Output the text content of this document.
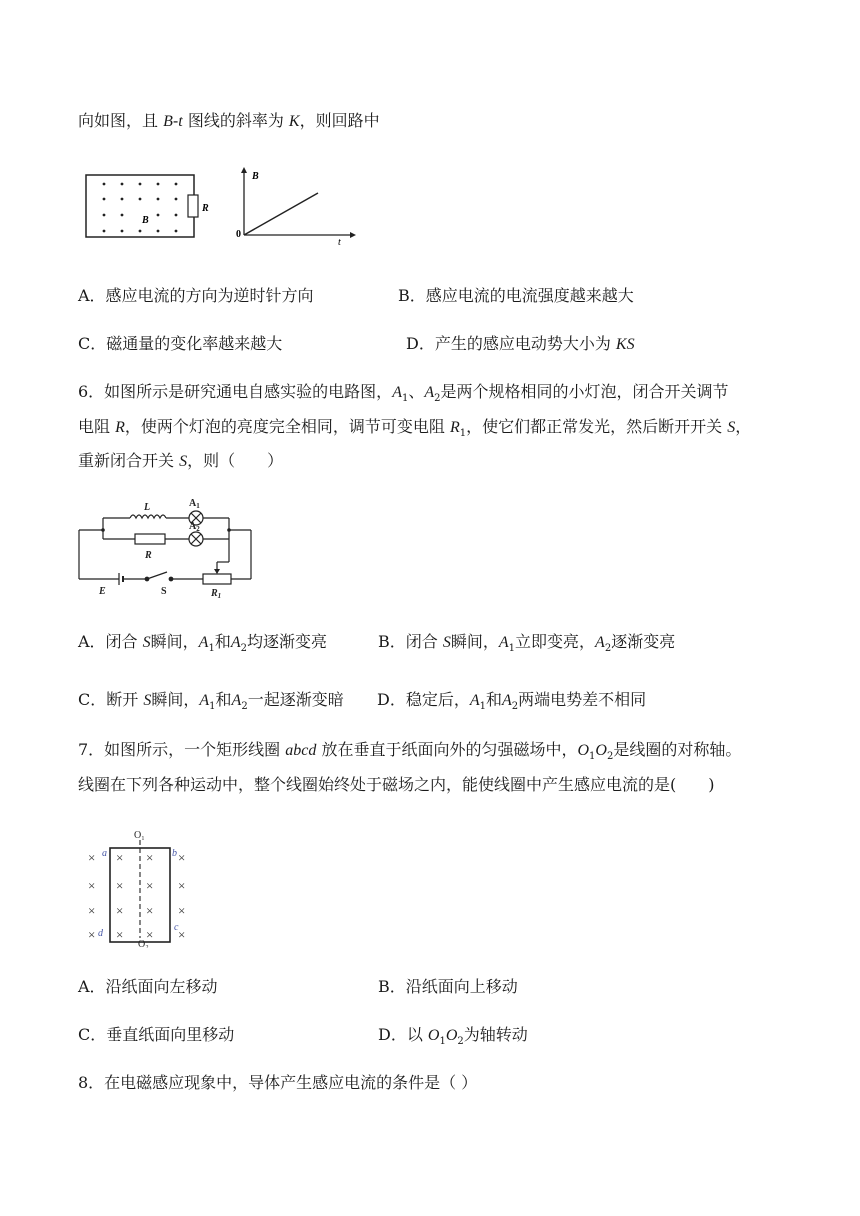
向如图，且 B-t 图线的斜率为 K，则回路中
R
B
B
0
t
A．感应电流的方向为逆时针方向	B．感应电流的电流强度越来越大
C．磁通量的变化率越来越大	D．产生的感应电动势大小为 KS
6．如图所示是研究通电自感实验的电路图，$A_1$、$A_2$是两个规格相同的小灯泡，闭合开关调节
电阻 R，使两个灯泡的亮度完全相同，调节可变电阻 $R_1$，使它们都正常发光，然后断开开关 S，
重新闭合开关 S，则（　　）
L	$A_1$
$A_2$
R
E	S	$R_1$
A．闭合 S瞬间，$A_1$和$A_2$均逐渐变亮	B．闭合 S瞬间，$A_1$立即变亮，$A_2$逐渐变亮
C．断开 S瞬间，$A_1$和$A_2$一起逐渐变暗 D．稳定后，$A_1$和$A_2$两端电势差不相同
7．如图所示，一个矩形线圈 abcd 放在垂直于纸面向外的匀强磁场中，$O_1O_2$是线圈的对称轴。
线圈在下列各种运动中，整个线圈始终处于磁场之内，能使线圈中产生感应电流的是(　　)
× × × ×
× × × ×
× × × ×
× × × ×
a	b
c
d
O₁
O₂
A．沿纸面向左移动	B．沿纸面向上移动
C．垂直纸面向里移动	D．以 $O_1O_2$为轴转动
8．在电磁感应现象中，导体产生感应电流的条件是（ ）
